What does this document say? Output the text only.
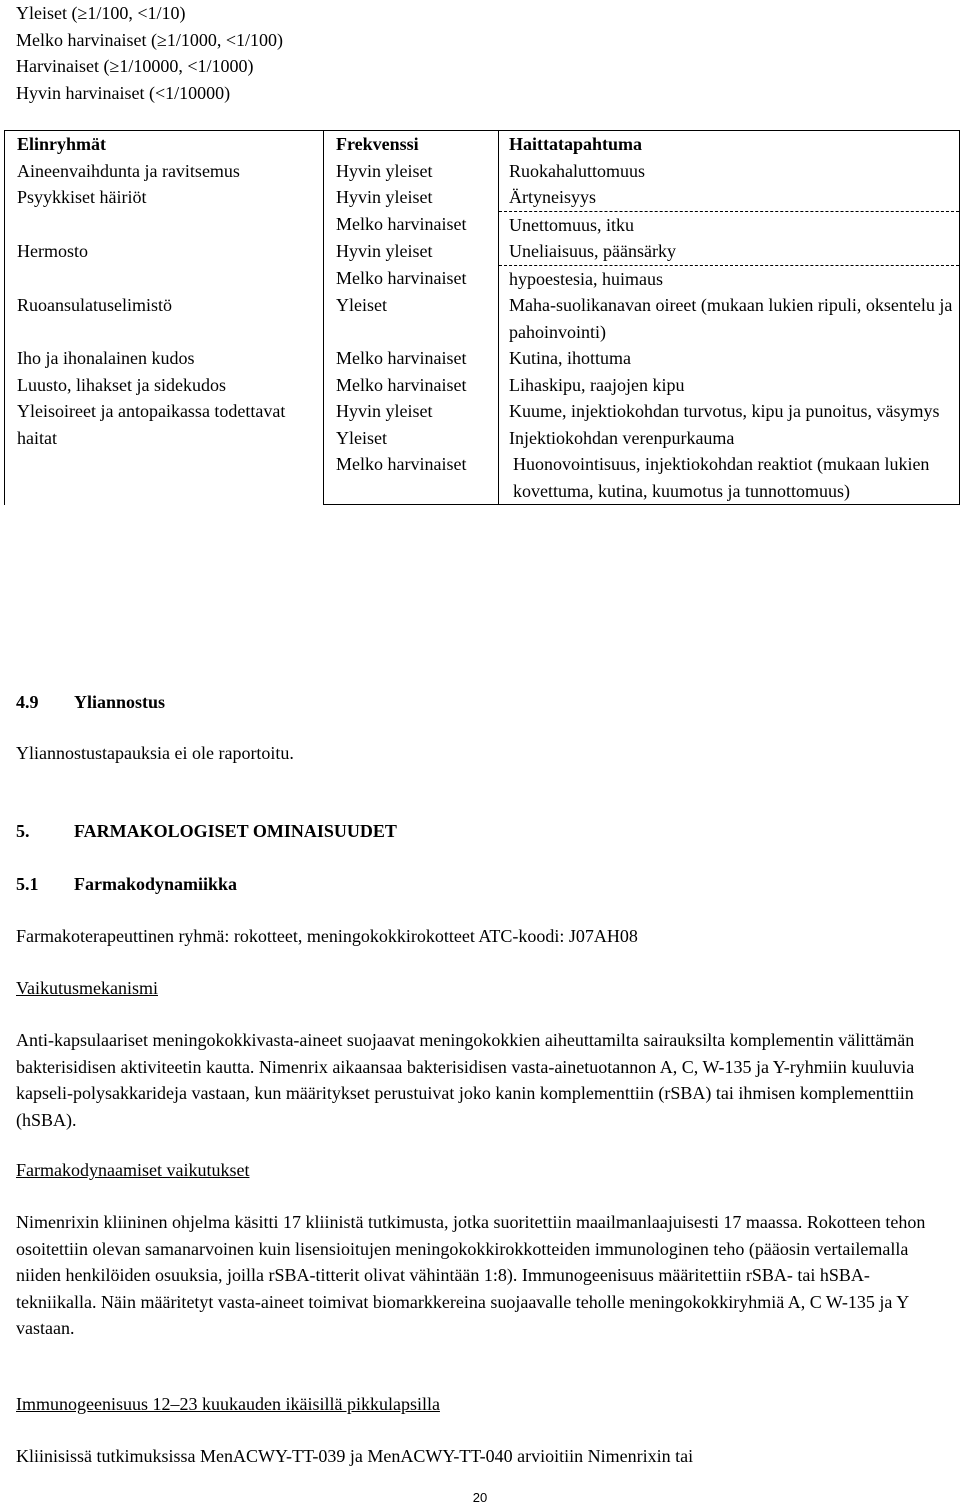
Yleiset (≥1/100, <1/10)
Melko harvinaiset (≥1/1000, <1/100)
Harvinaiset (≥1/10000, <1/1000)
Hyvin harvinaiset (<1/10000)
Elinryhmät	Frekvenssi	Haittatapahtuma
Aineenvaihdunta ja ravitsemus	Hyvin yleiset	Ruokahaluttomuus
Psyykkiset häiriöt	Hyvin yleiset	Ärtyneisyys
	Melko harvinaiset	Unettomuus, itku
Hermosto	Hyvin yleiset	Uneliaisuus, päänsärky
	Melko harvinaiset	hypoestesia, huimaus
Ruoansulatuselimistö	Yleiset	Maha-suolikanavan oireet (mukaan lukien ripuli, oksentelu ja pahoinvointi)
Iho ja ihonalainen kudos	Melko harvinaiset	Kutina, ihottuma
Luusto, lihakset ja sidekudos	Melko harvinaiset	Lihaskipu, raajojen kipu
Yleisoireet ja antopaikassa todettavat haitat	Hyvin yleiset	Kuume, injektiokohdan turvotus, kipu ja punoitus, väsymys
	Yleiset	Injektiokohdan verenpurkauma
	Melko harvinaiset	Huonovointisuus, injektiokohdan reaktiot (mukaan lukien kovettuma, kutina, kuumotus ja tunnottomuus)
4.9 Yliannostus
Yliannostustapauksia ei ole raportoitu.
5. FARMAKOLOGISET OMINAISUUDET
5.1 Farmakodynamiikka
Farmakoterapeuttinen ryhmä: rokotteet, meningokokkirokotteet ATC-koodi: J07AH08
Vaikutusmekanismi
Anti-kapsulaariset meningokokkivasta-aineet suojaavat meningokokkien aiheuttamilta sairauksilta komplementin välittämän bakterisidisen aktiviteetin kautta. Nimenrix aikaansaa bakterisidisen vasta-ainetuotannon A, C, W-135 ja Y-ryhmiin kuuluvia kapseli-polysakkarideja vastaan, kun määritykset perustuivat joko kanin komplementtiin (rSBA) tai ihmisen komplementtiin (hSBA).
Farmakodynaamiset vaikutukset
Nimenrixin kliininen ohjelma käsitti 17 kliinistä tutkimusta, jotka suoritettiin maailmanlaajuisesti 17 maassa. Rokotteen tehon osoitettiin olevan samanarvoinen kuin lisensioitujen meningokokkirokkotteiden immunologinen teho (pääosin vertailemalla niiden henkilöiden osuuksia, joilla rSBA-titterit olivat vähintään 1:8). Immunogeenisuus määritettiin rSBA- tai hSBA-tekniikalla. Näin määritetyt vasta-aineet toimivat biomarkkereina suojaavalle teholle meningokokkiryhmiä A, C W-135 ja Y vastaan.
Immunogeenisuus 12–23 kuukauden ikäisillä pikkulapsilla
Kliinisissä tutkimuksissa MenACWY-TT-039 ja MenACWY-TT-040 arvioitiin Nimenrixin tai
20
